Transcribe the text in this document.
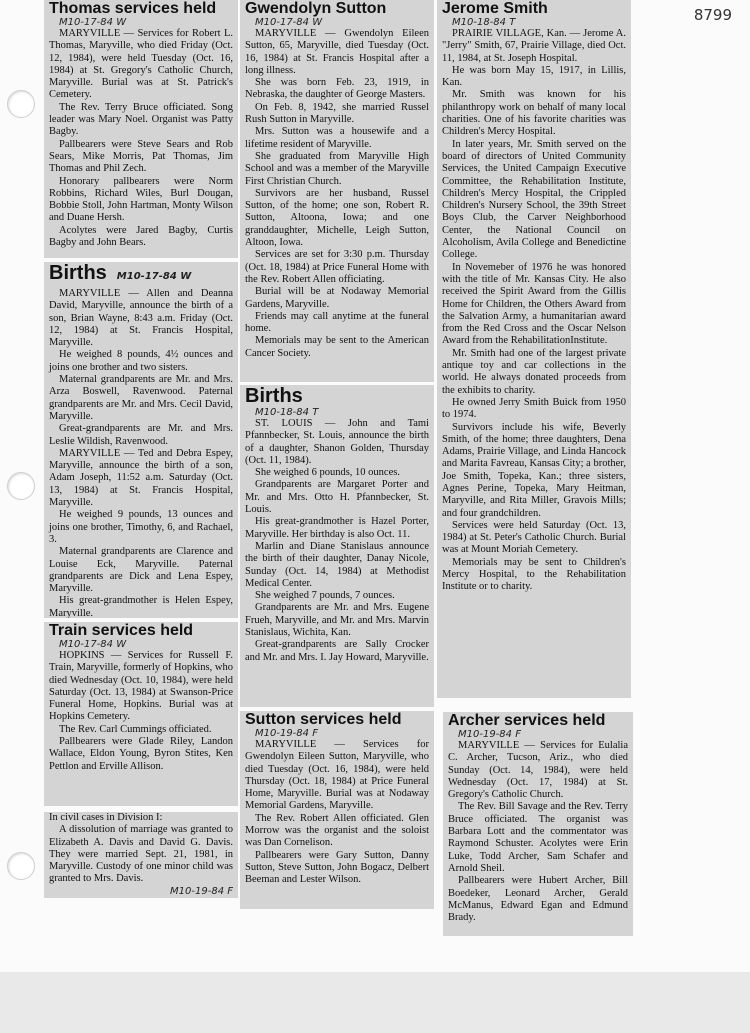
8799
Thomas services held
M10-17-84 W

MARYVILLE — Services for Robert L. Thomas, Maryville, who died Friday (Oct. 12, 1984), were held Tuesday (Oct. 16, 1984) at St. Gregory's Catholic Church, Maryville. Burial was at St. Patrick's Cemetery.

The Rev. Terry Bruce officiated. Song leader was Mary Noel. Organist was Patty Bagby.

Pallbearers were Steve Sears and Rob Sears, Mike Morris, Pat Thomas, Jim Thomas and Phil Zech.

Honorary pallbearers were Norm Robbins, Richard Wiles, Burl Dougan, Bobbie Stoll, John Hartman, Monty Wilson and Duane Hersh.

Acolytes were Jared Bagby, Curtis Bagby and John Bears.

Births M10-17-84 W

MARYVILLE — Allen and Deanna David, Maryville, announce the birth of a son, Brian Wayne, 8:43 a.m. Friday (Oct. 12, 1984) at St. Francis Hospital, Maryville.

He weighed 8 pounds, 4½ ounces and joins one brother and two sisters.

Maternal grandparents are Mr. and Mrs. Arza Boswell, Ravenwood. Paternal grandparents are Mr. and Mrs. Cecil David, Maryville.

Great-grandparents are Mr. and Mrs. Leslie Wildish, Ravenwood.

MARYVILLE — Ted and Debra Espey, Maryville, announce the birth of a son, Adam Joseph, 11:52 a.m. Saturday (Oct. 13, 1984) at St. Francis Hospital, Maryville.

He weighed 9 pounds, 13 ounces and joins one brother, Timothy, 6, and Rachael, 3.

Maternal grandparents are Clarence and Louise Eck, Maryville. Paternal grandparents are Dick and Lena Espey, Maryville.

His great-grandmother is Helen Espey, Maryville.

Train services held
M10-17-84 W

HOPKINS — Services for Russell F. Train, Maryville, formerly of Hopkins, who died Wednesday (Oct. 10, 1984), were held Saturday (Oct. 13, 1984) at Swanson-Price Funeral Home, Hopkins. Burial was at Hopkins Cemetery.

The Rev. Carl Cummings officiated.

Pallbearers were Glade Riley, Landon Wallace, Eldon Young, Byron Stites, Ken Pettlon and Erville Allison.

In civil cases in Division I:

A dissolution of marriage was granted to Elizabeth A. Davis and David G. Davis. They were married Sept. 21, 1981, in Maryville. Custody of one minor child was granted to Mrs. Davis.

M10-19-84 F
Gwendolyn Sutton
M10-17-84 W

MARYVILLE — Gwendolyn Eileen Sutton, 65, Maryville, died Tuesday (Oct. 16, 1984) at St. Francis Hospital after a long illness.

She was born Feb. 23, 1919, in Nebraska, the daughter of George Masters.

On Feb. 8, 1942, she married Russel Rush Sutton in Maryville.

Mrs. Sutton was a housewife and a lifetime resident of Maryville.

She graduated from Maryville High School and was a member of the Maryville First Christian Church.

Survivors are her husband, Russel Sutton, of the home; one son, Robert R. Sutton, Altoona, Iowa; and one granddaughter, Michelle, Leigh Sutton, Altoon, Iowa.

Services are set for 3:30 p.m. Thursday (Oct. 18, 1984) at Price Funeral Home with the Rev. Robert Allen officiating.

Burial will be at Nodaway Memorial Gardens, Maryville.

Friends may call anytime at the funeral home.

Memorials may be sent to the American Cancer Society.

Births
M10-18-84 T

ST. LOUIS — John and Tami Pfannbecker, St. Louis, announce the birth of a daughter, Shanon Golden, Thursday (Oct. 11, 1984).

She weighed 6 pounds, 10 ounces.

Grandparents are Margaret Porter and Mr. and Mrs. Otto H. Pfannbecker, St. Louis.

His great-grandmother is Hazel Porter, Maryville. Her birthday is also Oct. 11.

Marlin and Diane Stanislaus announce the birth of their daughter, Danay Nicole, Sunday (Oct. 14, 1984) at Methodist Medical Center.

She weighed 7 pounds, 7 ounces.

Grandparents are Mr. and Mrs. Eugene Frueh, Maryville, and Mr. and Mrs. Marvin Stanislaus, Wichita, Kan.

Great-grandparents are Sally Crocker and Mr. and Mrs. I. Jay Howard, Maryville.

Sutton services held
M10-19-84 F

MARYVILLE — Services for Gwendolyn Eileen Sutton, Maryville, who died Tuesday (Oct. 16, 1984), were held Thursday (Oct. 18, 1984) at Price Funeral Home, Maryville. Burial was at Nodaway Memorial Gardens, Maryville.

The Rev. Robert Allen officiated. Glen Morrow was the organist and the soloist was Dan Cornelison.

Pallbearers were Gary Sutton, Danny Sutton, Steve Sutton, John Bogacz, Delbert Beeman and Lester Wilson.

Jerome Smith
M10-18-84 T

PRAIRIE VILLAGE, Kan. — Jerome A. "Jerry" Smith, 67, Prairie Village, died Oct. 11, 1984, at St. Joseph Hospital.

He was born May 15, 1917, in Lillis, Kan.

Mr. Smith was known for his philanthropy work on behalf of many local charities. One of his favorite charities was Children's Mercy Hospital.

In later years, Mr. Smith served on the board of directors of United Community Services, the United Campaign Executive Committee, the Rehabilitation Institute, Children's Mercy Hospital, the Crippled Children's Nursery School, the 39th Street Boys Club, the Carver Neighborhood Center, the National Council on Alcoholism, Avila College and Benedictine College.

In Novemeber of 1976 he was honored with the title of Mr. Kansas City. He also received the Spirit Award from the Gillis Home for Children, the Others Award from the Salvation Army, a humanitarian award from the Red Cross and the Oscar Nelson Award from the RehabilitationInstitute.

Mr. Smith had one of the largest private antique toy and car collections in the world. He always donated proceeds from the exhibits to charity.

He owned Jerry Smith Buick from 1950 to 1974.

Survivors include his wife, Beverly Smith, of the home; three daughters, Dena Adams, Prairie Village, and Linda Hancock and Marita Favreau, Kansas City; a brother, Joe Smith, Topeka, Kan.; three sisters, Agnes Perine, Topeka, Mary Heitman, Maryville, and Rita Miller, Gravois Mills; and four grandchildren.

Services were held Saturday (Oct. 13, 1984) at St. Peter's Catholic Church. Burial was at Mount Moriah Cemetery.

Memorials may be sent to Children's Mercy Hospital, to the Rehabilitation Institute or to charity.

Archer services held
M10-19-84 F

MARYVILLE — Services for Eulalia C. Archer, Tucson, Ariz., who died Sunday (Oct. 14, 1984), were held Wednesday (Oct. 17, 1984) at St. Gregory's Catholic Church.

The Rev. Bill Savage and the Rev. Terry Bruce officiated. The organist was Barbara Lott and the commentator was Raymond Schuster. Acolytes were Erin Luke, Todd Archer, Sam Schafer and Arnold Sheil.

Pallbearers were Hubert Archer, Bill Boedeker, Leonard Archer, Gerald McManus, Edward Egan and Edmund Brady.
